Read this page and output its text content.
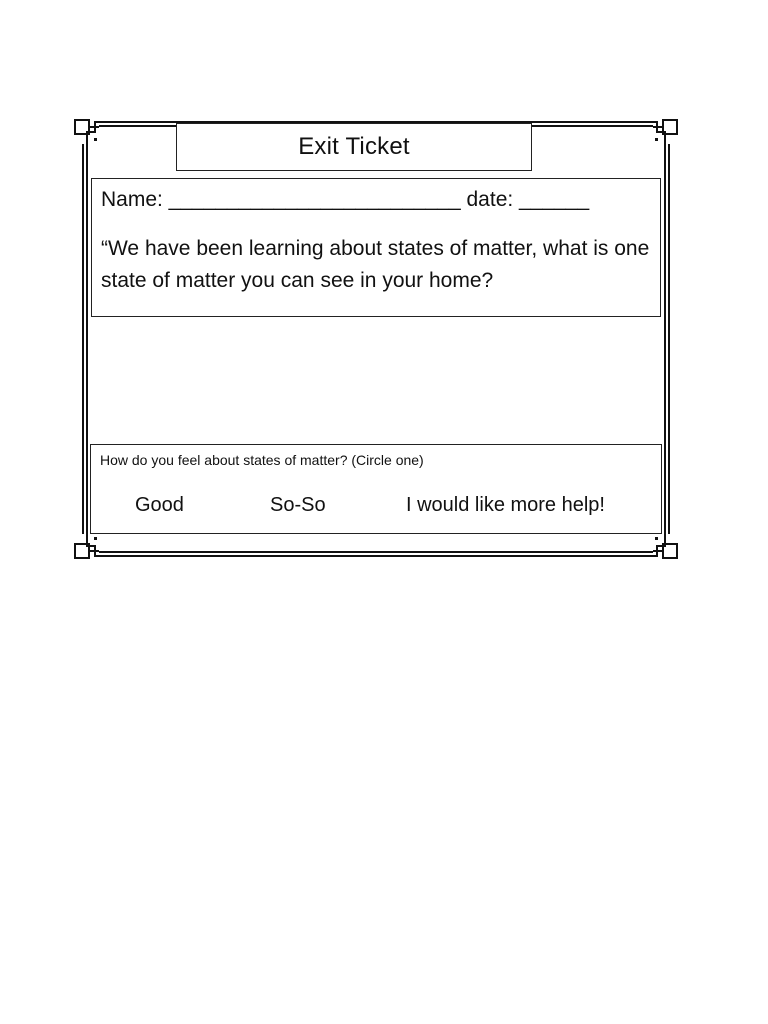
Exit Ticket
Name: _________________________ date: ______
“We have been learning about states of matter, what is one state of matter you can see in your home?
How do you feel about states of matter? (Circle one)
Good	So-So	I would like more help!
